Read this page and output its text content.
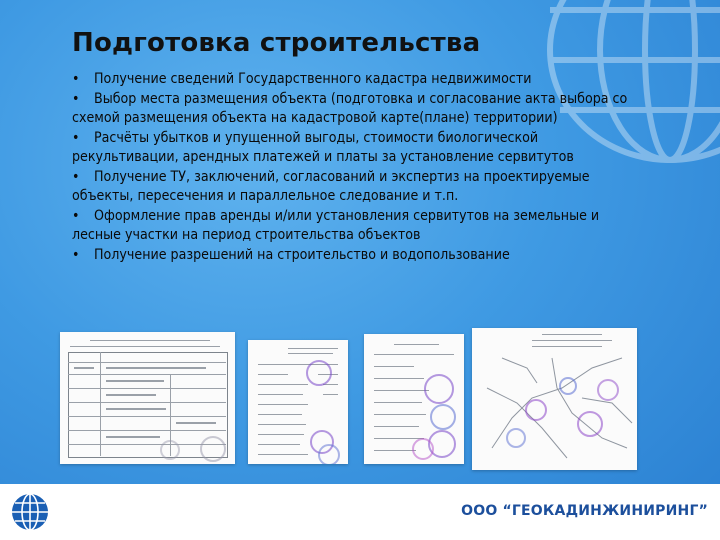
Подготовка строительства

• Получение сведений Государственного кадастра недвижимости

• Выбор места размещения объекта (подготовка и согласование акта выбора со схемой размещения объекта на кадастровой карте(плане) территории)

• Расчёты убытков и упущенной выгоды, стоимости биологической рекультивации, арендных платежей и платы за установление сервитутов

• Получение ТУ, заключений, согласований и экспертиз на проектируемые объекты, пересечения и параллельное следование и т.п.

• Оформление прав аренды и/или установления сервитутов на земельные и лесные участки на период строительства объектов

• Получение разрешений на строительство и водопользование

ООО “ГЕОКАДИНЖИНИРИНГ”
